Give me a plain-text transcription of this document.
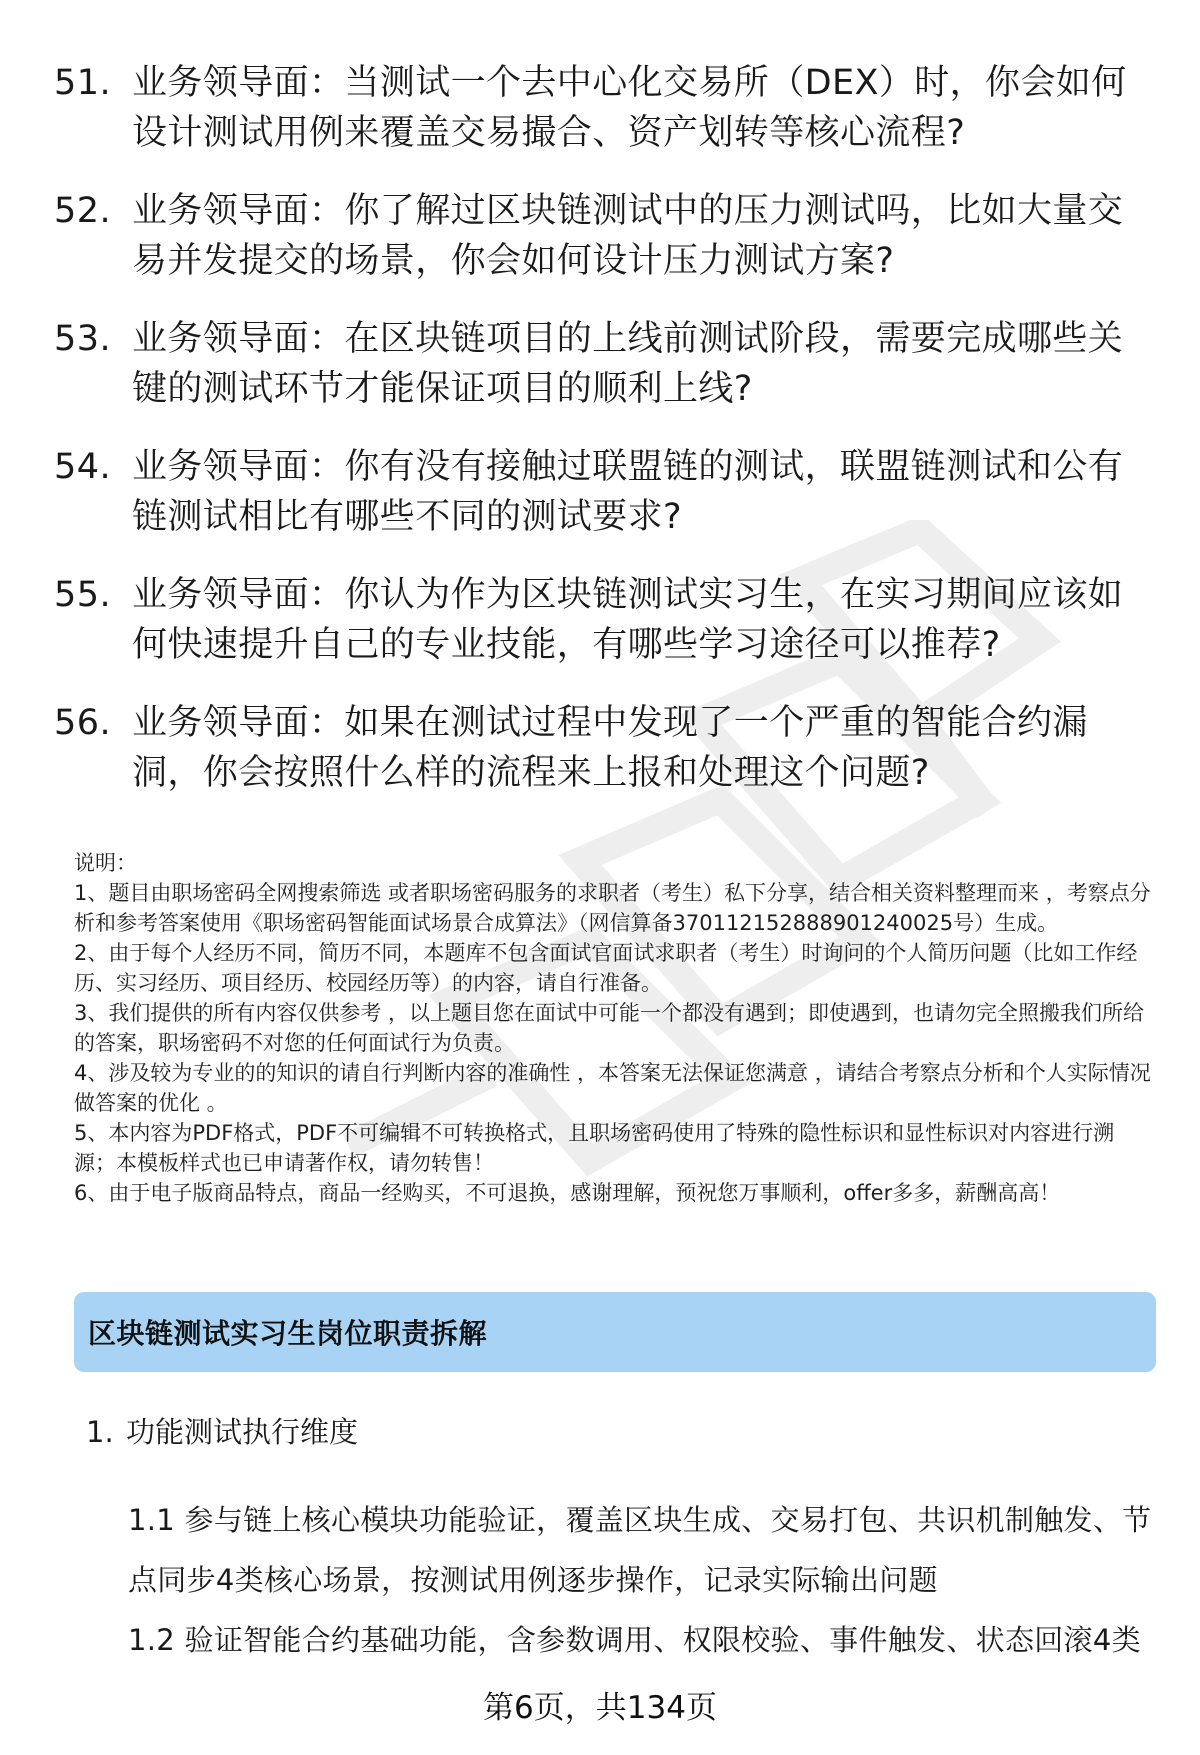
51. 业务领导面：当测试一个去中心化交易所（DEX）时，你会如何设计测试用例来覆盖交易撮合、资产划转等核心流程?
52. 业务领导面：你了解过区块链测试中的压力测试吗，比如大量交易并发提交的场景，你会如何设计压力测试方案?
53. 业务领导面：在区块链项目的上线前测试阶段，需要完成哪些关键的测试环节才能保证项目的顺利上线?
54. 业务领导面：你有没有接触过联盟链的测试，联盟链测试和公有链测试相比有哪些不同的测试要求?
55. 业务领导面：你认为作为区块链测试实习生，在实习期间应该如何快速提升自己的专业技能，有哪些学习途径可以推荐?
56. 业务领导面：如果在测试过程中发现了一个严重的智能合约漏洞，你会按照什么样的流程来上报和处理这个问题?

说明：

1、题目由职场密码全网搜索筛选 或者职场密码服务的求职者（考生）私下分享，结合相关资料整理而来 ，考察点分析和参考答案使用《职场密码智能面试场景合成算法》（网信算备370112152888901240025号）生成。

2、由于每个人经历不同，简历不同，本题库不包含面试官面试求职者（考生）时询问的个人简历问题（比如工作经历、实习经历、项目经历、校园经历等）的内容，请自行准备。

3、我们提供的所有内容仅供参考 ，以上题目您在面试中可能一个都没有遇到；即使遇到，也请勿完全照搬我们所给的答案，职场密码不对您的任何面试行为负责。

4、涉及较为专业的的知识的请自行判断内容的准确性 ，本答案无法保证您满意 ，请结合考察点分析和个人实际情况做答案的优化 。

5、本内容为PDF格式，PDF不可编辑不可转换格式，且职场密码使用了特殊的隐性标识和显性标识对内容进行溯源；本模板样式也已申请著作权，请勿转售！

6、由于电子版商品特点，商品一经购买，不可退换，感谢理解，预祝您万事顺利，offer多多，薪酬高高！

区块链测试实习生岗位职责拆解
1. 功能测试执行维度
1.1 参与链上核心模块功能验证，覆盖区块生成、交易打包、共识机制触发、节点同步4类核心场景，按测试用例逐步操作，记录实际输出问题
1.2 验证智能合约基础功能，含参数调用、权限校验、事件触发、状态回滚4类
第6页，共134页
